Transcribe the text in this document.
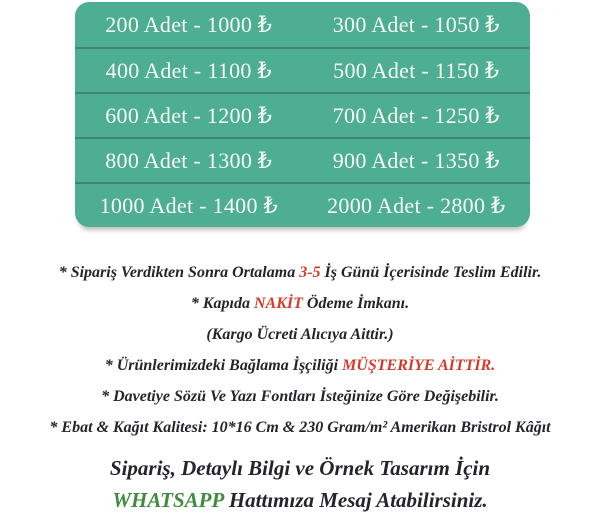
200 Adet - 1000 ₺	300 Adet - 1050 ₺
400 Adet - 1100 ₺	500 Adet - 1150 ₺
600 Adet - 1200 ₺	700 Adet - 1250 ₺
800 Adet - 1300 ₺	900 Adet - 1350 ₺
1000 Adet - 1400 ₺	2000 Adet - 2800 ₺

* Sipariş Verdikten Sonra Ortalama 3-5 İş Günü İçerisinde Teslim Edilir.

* Kapıda NAKİT Ödeme İmkanı.

(Kargo Ücreti Alıcıya Aittir.)

* Ürünlerimizdeki Bağlama İşçiliği MÜŞTERİYE AİTTİR.

* Davetiye Sözü Ve Yazı Fontları İsteğinize Göre Değişebilir.

* Ebat & Kağıt Kalitesi: 10*16 Cm & 230 Gram/m² Amerikan Bristrol Kâğıt

Sipariş, Detaylı Bilgi ve Örnek Tasarım İçin

WHATSAPP Hattımıza Mesaj Atabilirsiniz.
